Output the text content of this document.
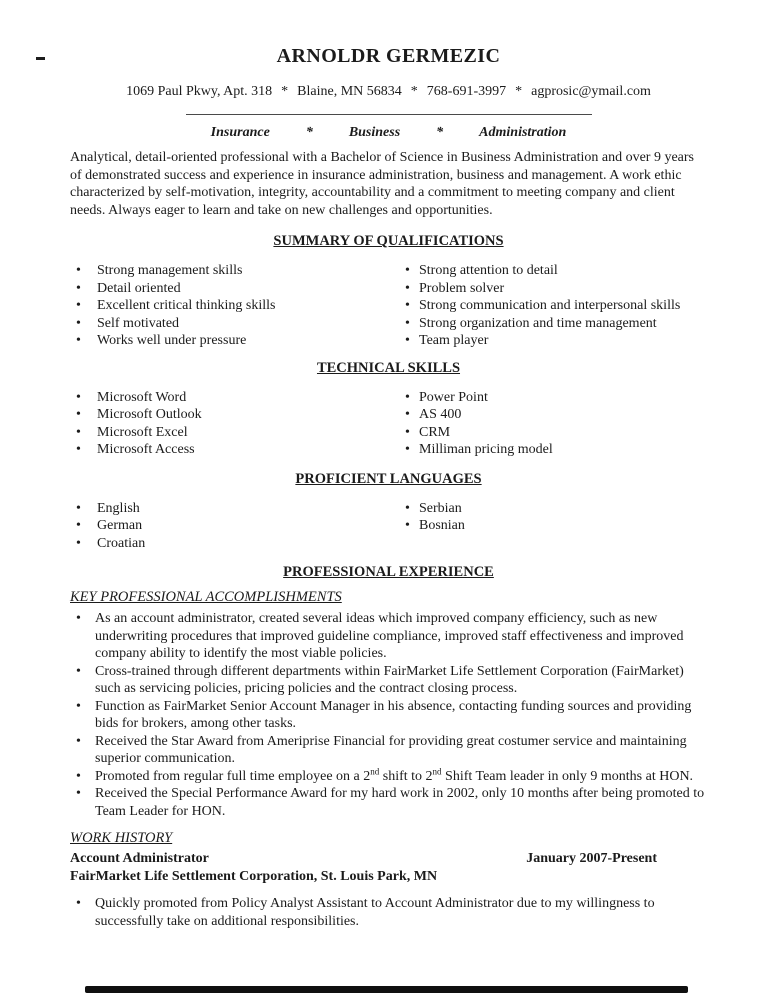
ARNOLDR GERMEZIC
1069 Paul Pkwy, Apt. 318 * Blaine, MN 56834 * 768-691-3997 * agprosic@ymail.com
Insurance	*	Business	*	Administration

Analytical, detail-oriented professional with a Bachelor of Science in Business Administration and over 9 years of demonstrated success and experience in insurance administration, business and management. A work ethic characterized by self-motivation, integrity, accountability and a commitment to meeting company and client needs. Always eager to learn and take on new challenges and opportunities.

SUMMARY OF QUALIFICATIONS
•	Strong management skills
•	Detail oriented
•	Excellent critical thinking skills
•	Self motivated
•	Works well under pressure
• Strong attention to detail
• Problem solver
• Strong communication and interpersonal skills
• Strong organization and time management
• Team player
TECHNICAL SKILLS
•	Microsoft Word
•	Microsoft Outlook
•	Microsoft Excel
•	Microsoft Access
• Power Point
• AS 400
• CRM
• Milliman pricing model
PROFICIENT LANGUAGES
•	English
•	German
•	Croatian
• Serbian
• Bosnian
PROFESSIONAL EXPERIENCE
KEY PROFESSIONAL ACCOMPLISHMENTS
•	As an account administrator, created several ideas which improved company efficiency, such as new underwriting procedures that improved guideline compliance, improved staff effectiveness and improved company ability to identify the most viable policies.
•	Cross-trained through different departments within FairMarket Life Settlement Corporation (FairMarket) such as servicing policies, pricing policies and the contract closing process.
•	Function as FairMarket Senior Account Manager in his absence, contacting funding sources and providing bids for brokers, among other tasks.
•	Received the Star Award from Ameriprise Financial for providing great costumer service and maintaining superior communication.
•	Promoted from regular full time employee on a 2nd shift to 2nd Shift Team leader in only 9 months at HON.
•	Received the Special Performance Award for my hard work in 2002, only 10 months after being promoted to Team Leader for HON.
WORK HISTORY
Account Administrator	January 2007-Present
FairMarket Life Settlement Corporation, St. Louis Park, MN
•	Quickly promoted from Policy Analyst Assistant to Account Administrator due to my willingness to successfully take on additional responsibilities.
